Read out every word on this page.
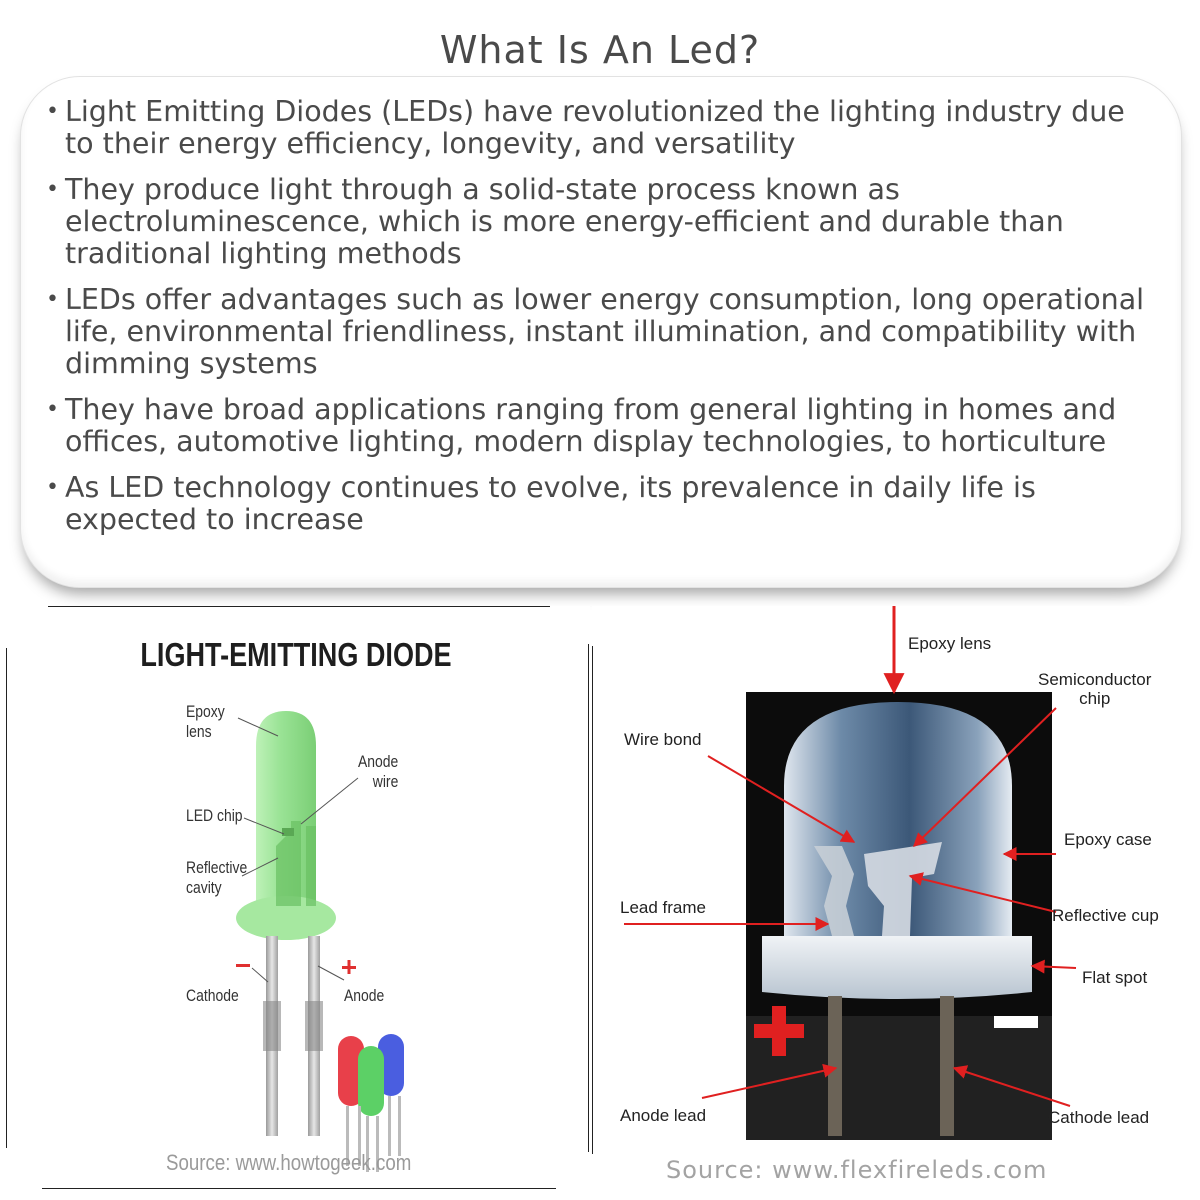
What Is An Led?
• Light Emitting Diodes (LEDs) have revolutionized the lighting industry due to their energy efficiency, longevity, and versatility
• They produce light through a solid-state process known as electroluminescence, which is more energy-efficient and durable than traditional lighting methods
• LEDs offer advantages such as lower energy consumption, long operational life, environmental friendliness, instant illumination, and compatibility with dimming systems
• They have broad applications ranging from general lighting in homes and offices, automotive lighting, modern display technologies, to horticulture
• As LED technology continues to evolve, its prevalence in daily life is expected to increase
LIGHT-EMITTING DIODE
Epoxy
lens
Anode
wire
LED chip
Reflective
cavity
Cathode	Anode
Source: www.howtogeek.com
Epoxy lens
Semiconductor
chip
Wire bond
Epoxy case
Lead frame	Reflective cup
Flat spot
Anode lead	Cathode lead
Source: www.flexfireleds.com
